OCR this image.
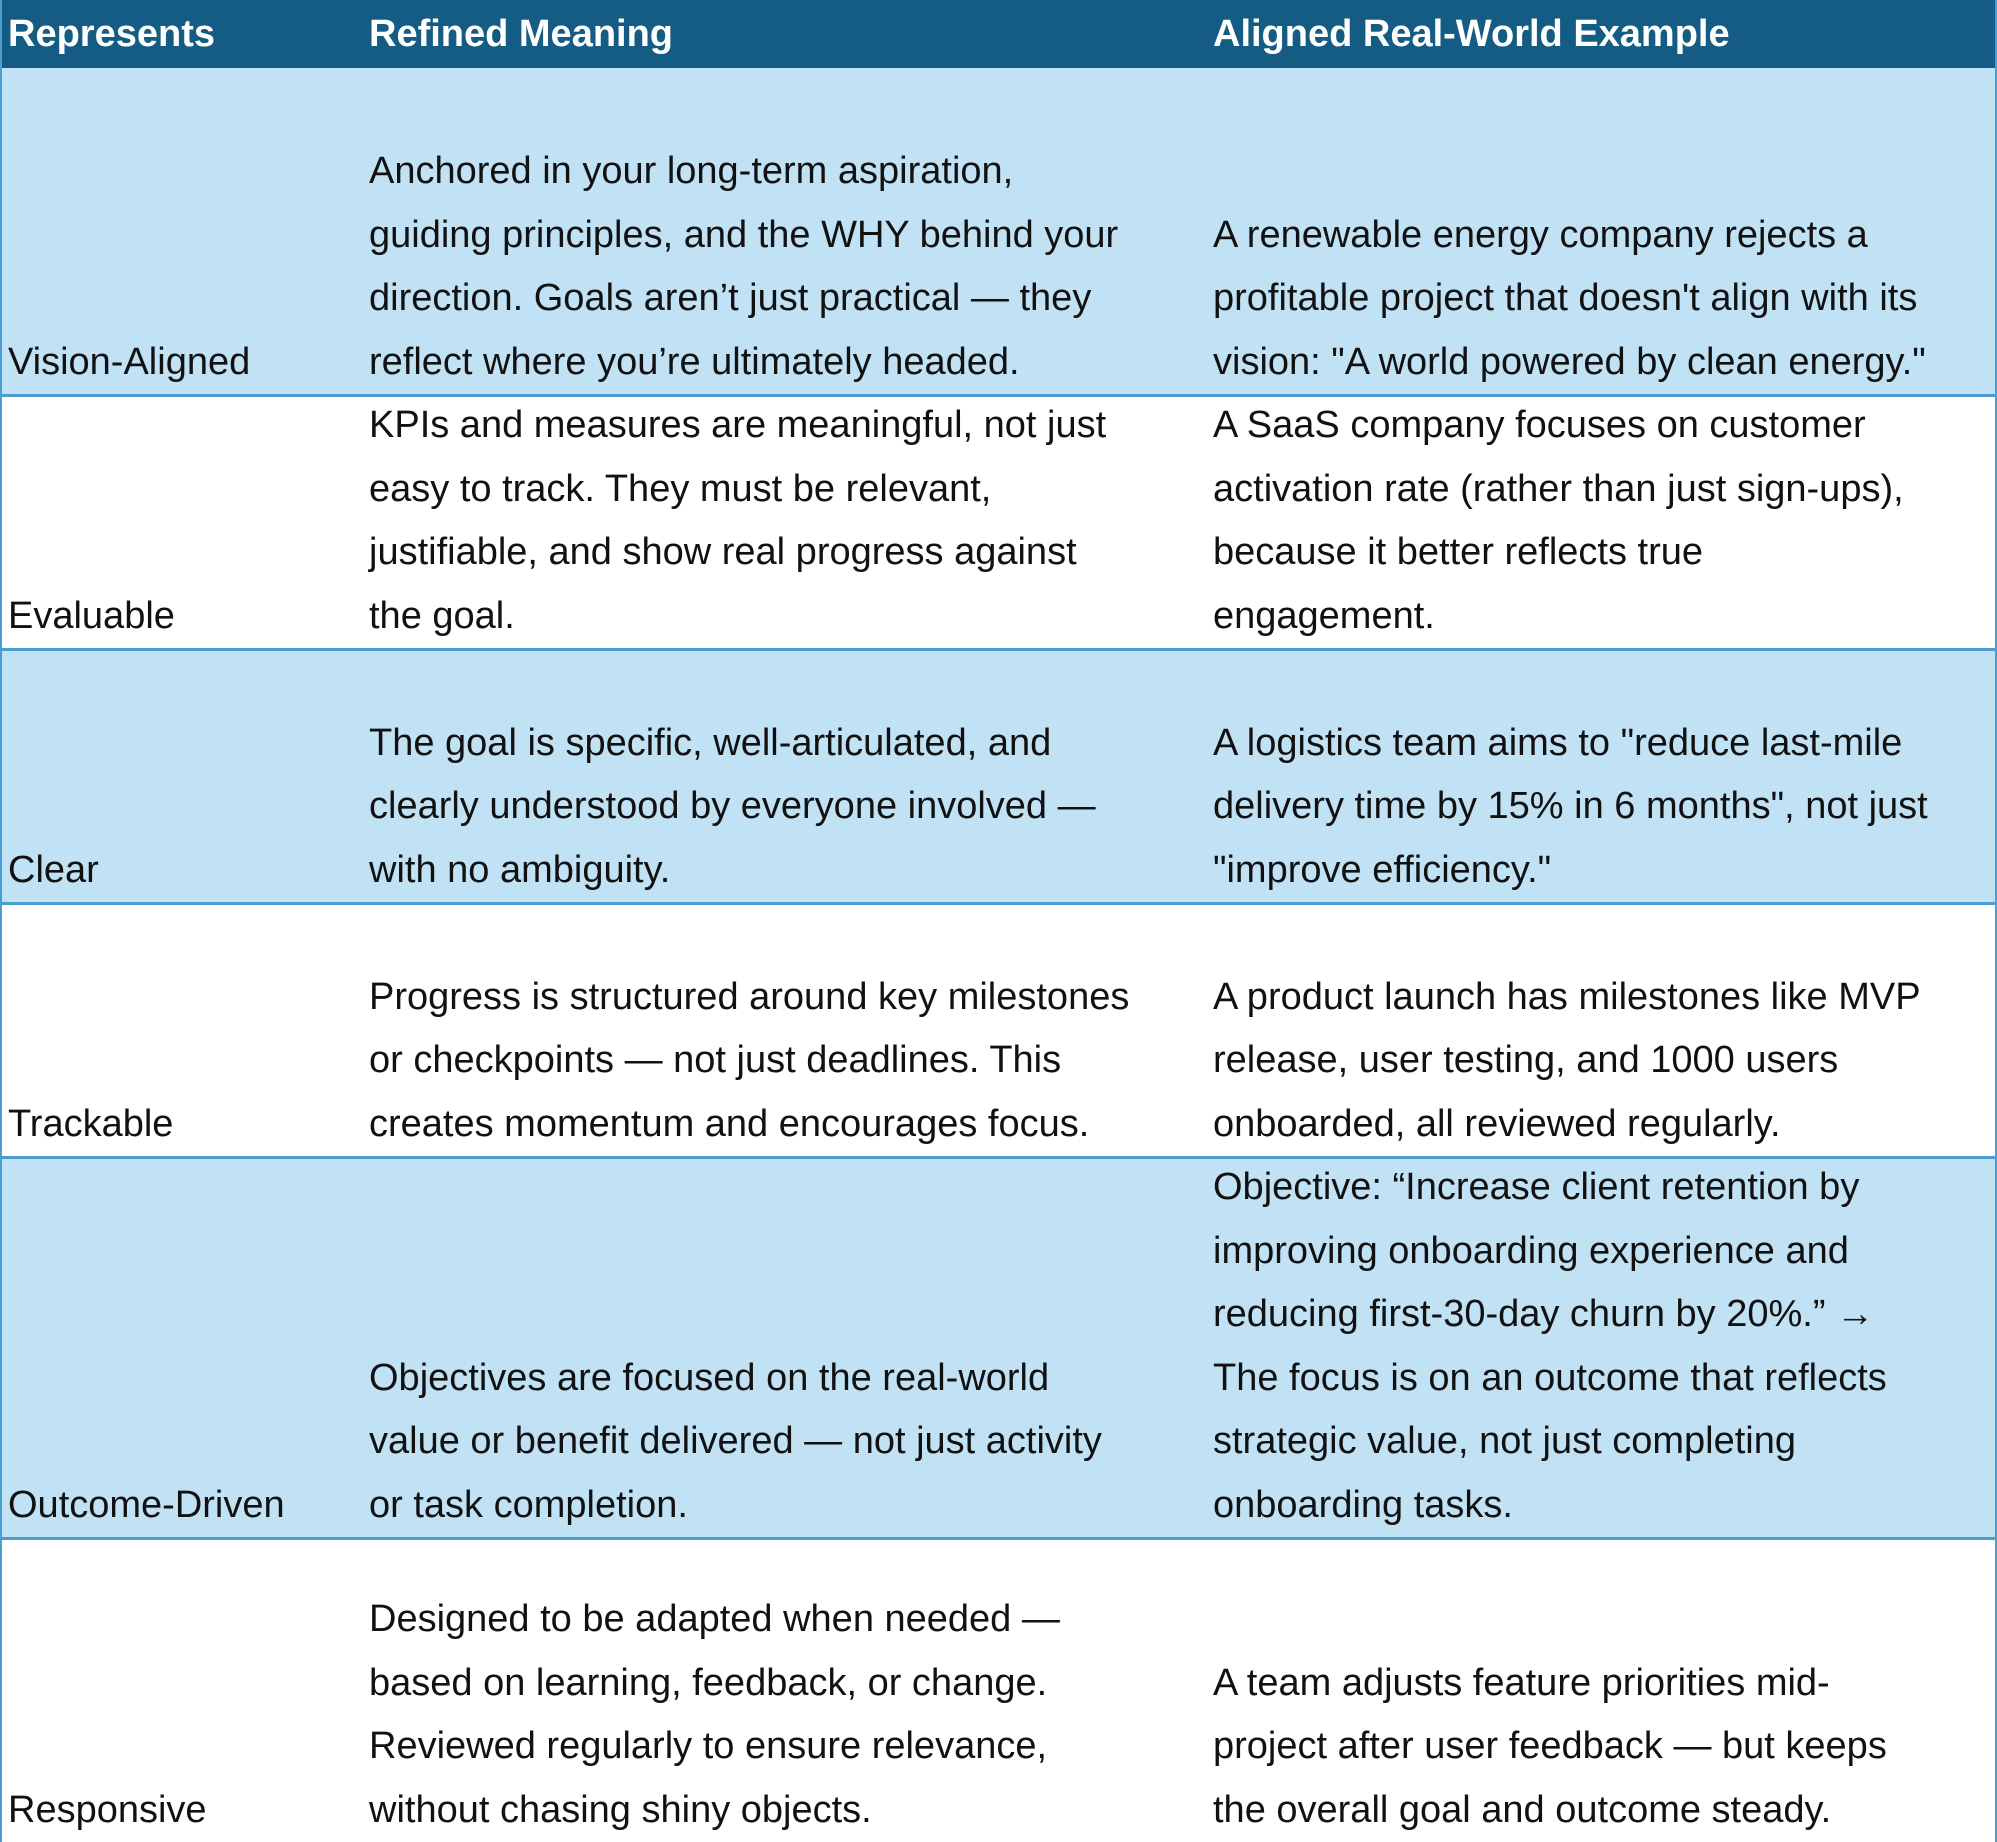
Represents	Refined Meaning	Aligned Real-World Example
Vision-Aligned
Anchored in your long-term aspiration,
guiding principles, and the WHY behind your
direction. Goals aren’t just practical — they
reflect where you’re ultimately headed.
A renewable energy company rejects a
profitable project that doesn't align with its
vision: "A world powered by clean energy."
Evaluable
KPIs and measures are meaningful, not just
easy to track. They must be relevant,
justifiable, and show real progress against
the goal.
A SaaS company focuses on customer
activation rate (rather than just sign-ups),
because it better reflects true
engagement.
Clear
The goal is specific, well-articulated, and
clearly understood by everyone involved —
with no ambiguity.
A logistics team aims to "reduce last-mile
delivery time by 15% in 6 months", not just
"improve efficiency."
Trackable
Progress is structured around key milestones
or checkpoints — not just deadlines. This
creates momentum and encourages focus.
A product launch has milestones like MVP
release, user testing, and 1000 users
onboarded, all reviewed regularly.
Outcome-Driven
Objectives are focused on the real-world
value or benefit delivered — not just activity
or task completion.
Objective: “Increase client retention by
improving onboarding experience and
reducing first-30-day churn by 20%.” →
The focus is on an outcome that reflects
strategic value, not just completing
onboarding tasks.
Responsive
Designed to be adapted when needed —
based on learning, feedback, or change.
Reviewed regularly to ensure relevance,
without chasing shiny objects.
A team adjusts feature priorities mid-
project after user feedback — but keeps
the overall goal and outcome steady.
